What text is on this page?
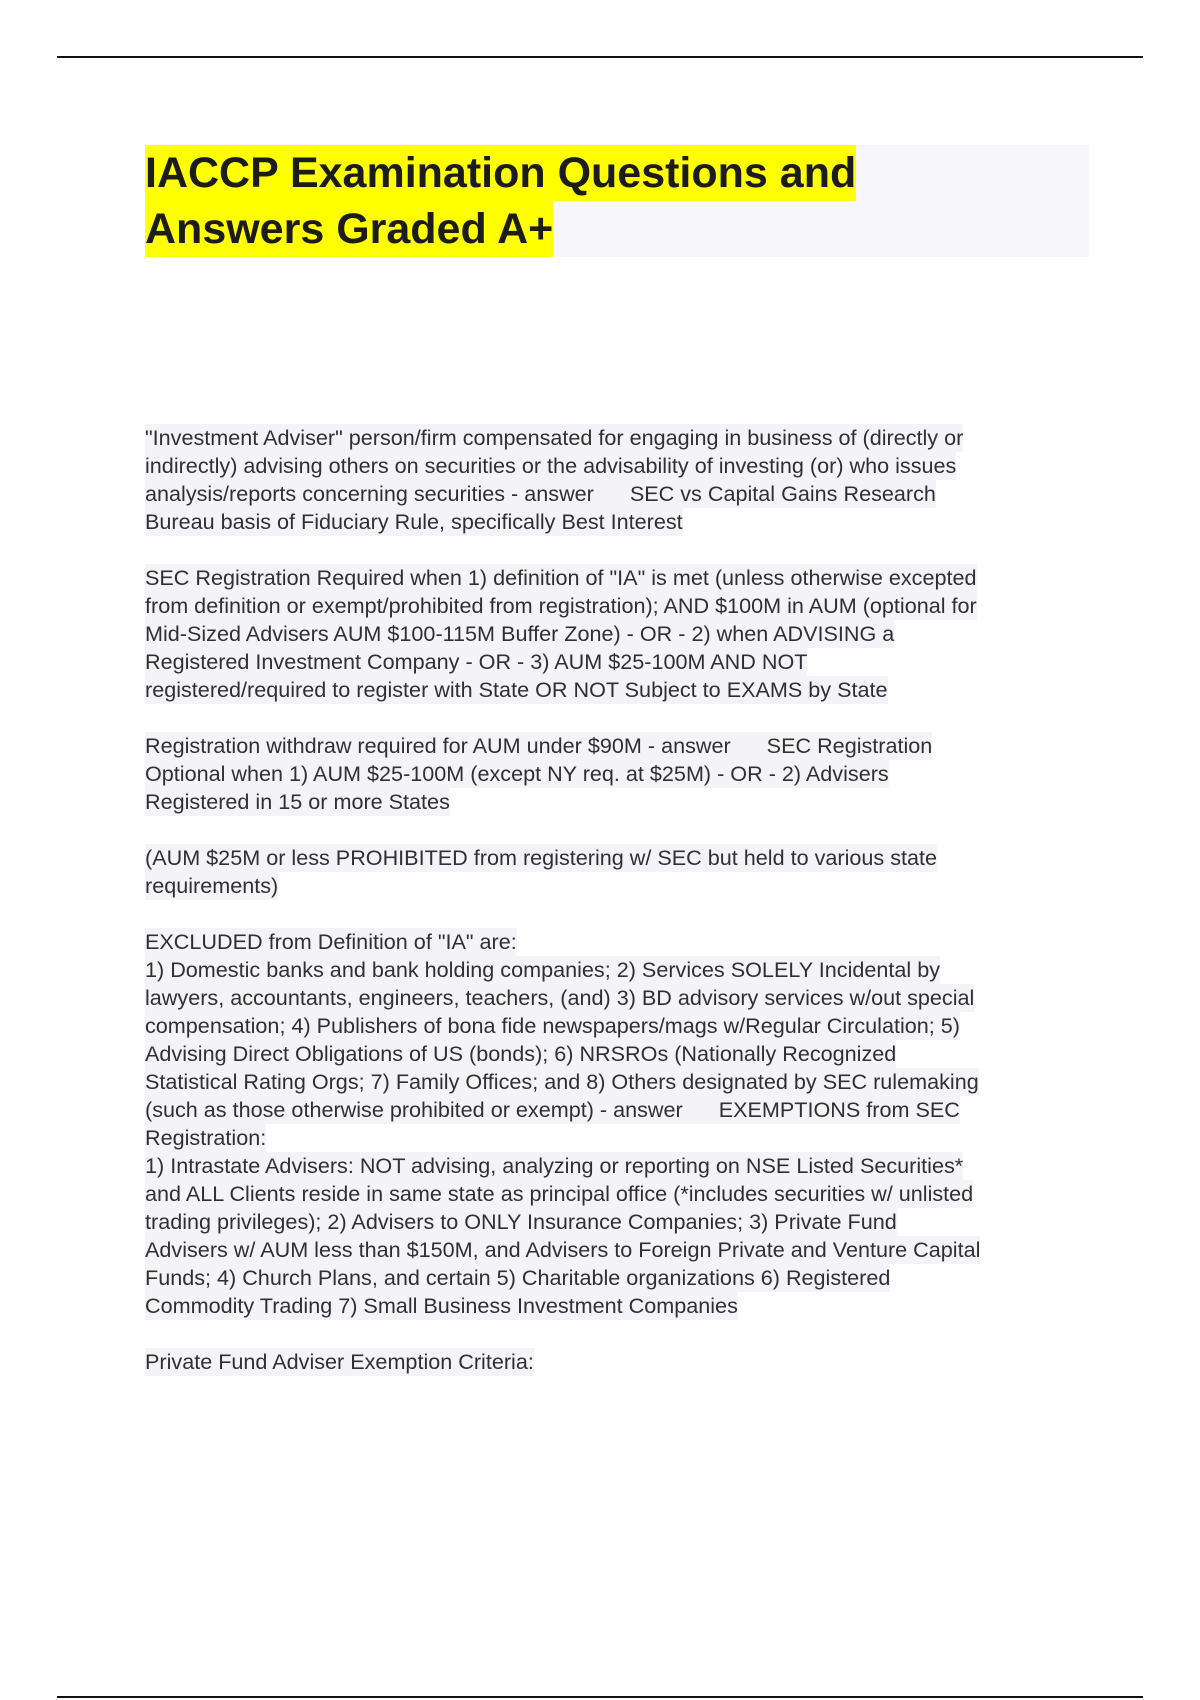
IACCP Examination Questions and
Answers Graded A+
"Investment Adviser" person/firm compensated for engaging in business of (directly or
indirectly) advising others on securities or the advisability of investing (or) who issues
analysis/reports concerning securities - answer      SEC vs Capital Gains Research
Bureau basis of Fiduciary Rule, specifically Best Interest
SEC Registration Required when 1) definition of "IA" is met (unless otherwise excepted
from definition or exempt/prohibited from registration); AND $100M in AUM (optional for
Mid-Sized Advisers AUM $100-115M Buffer Zone) - OR - 2) when ADVISING a
Registered Investment Company - OR - 3) AUM $25-100M AND NOT
registered/required to register with State OR NOT Subject to EXAMS by State
Registration withdraw required for AUM under $90M - answer      SEC Registration
Optional when 1) AUM $25-100M (except NY req. at $25M) - OR - 2) Advisers
Registered in 15 or more States
(AUM $25M or less PROHIBITED from registering w/ SEC but held to various state
requirements)
EXCLUDED from Definition of "IA" are:
1) Domestic banks and bank holding companies; 2) Services SOLELY Incidental by
lawyers, accountants, engineers, teachers, (and) 3) BD advisory services w/out special
compensation; 4) Publishers of bona fide newspapers/mags w/Regular Circulation; 5)
Advising Direct Obligations of US (bonds); 6) NRSROs (Nationally Recognized
Statistical Rating Orgs; 7) Family Offices; and 8) Others designated by SEC rulemaking
(such as those otherwise prohibited or exempt) - answer      EXEMPTIONS from SEC
Registration:
1) Intrastate Advisers: NOT advising, analyzing or reporting on NSE Listed Securities*
and ALL Clients reside in same state as principal office (*includes securities w/ unlisted
trading privileges); 2) Advisers to ONLY Insurance Companies; 3) Private Fund
Advisers w/ AUM less than $150M, and Advisers to Foreign Private and Venture Capital
Funds; 4) Church Plans, and certain 5) Charitable organizations 6) Registered
Commodity Trading 7) Small Business Investment Companies
Private Fund Adviser Exemption Criteria:
